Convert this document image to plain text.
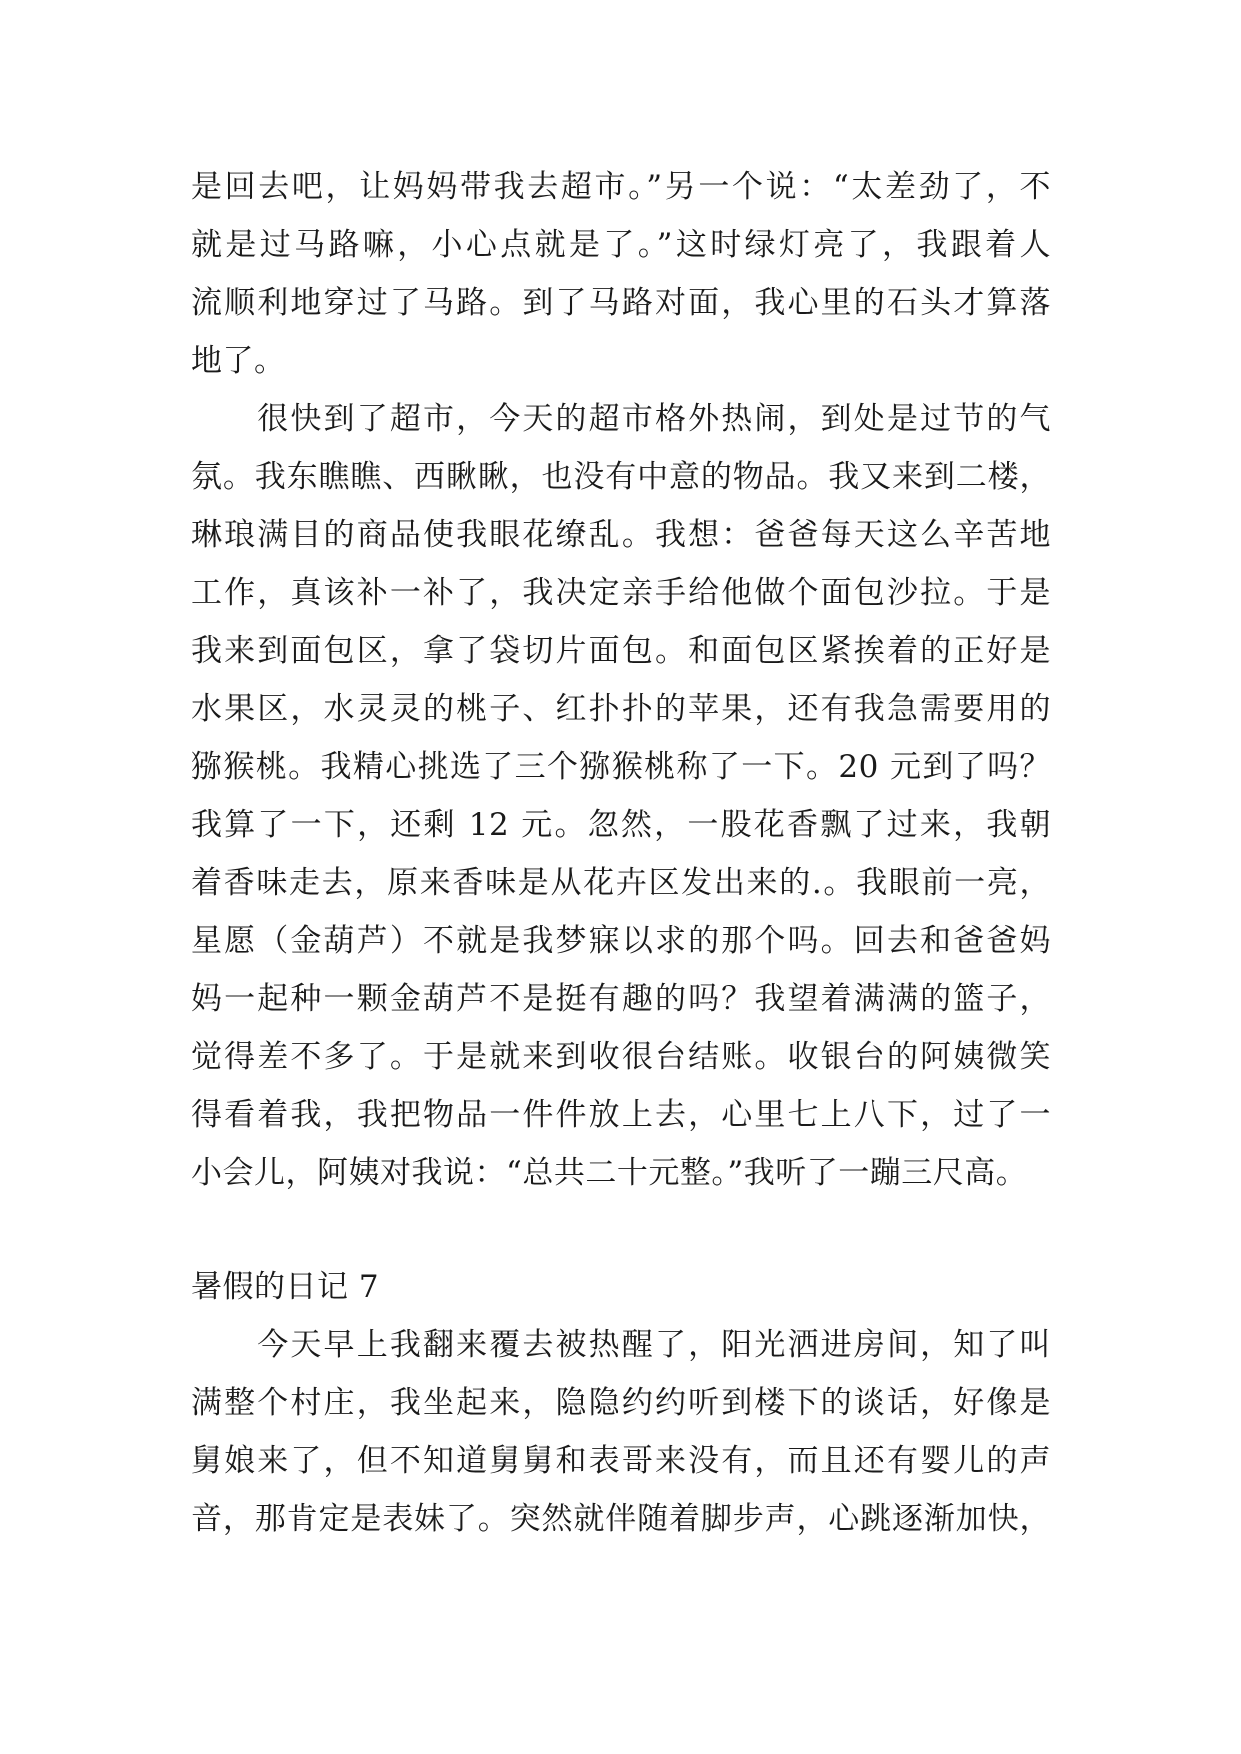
是回去吧，让妈妈带我去超市。”另一个说：“太差劲了，不
就是过马路嘛，小心点就是了。”这时绿灯亮了，我跟着人
流顺利地穿过了马路。到了马路对面，我心里的石头才算落
地了。
　　很快到了超市，今天的超市格外热闹，到处是过节的气
氛。我东瞧瞧、西瞅瞅，也没有中意的物品。我又来到二楼，
琳琅满目的商品使我眼花缭乱。我想：爸爸每天这么辛苦地
工作，真该补一补了，我决定亲手给他做个面包沙拉。于是
我来到面包区，拿了袋切片面包。和面包区紧挨着的正好是
水果区，水灵灵的桃子、红扑扑的苹果，还有我急需要用的
猕猴桃。我精心挑选了三个猕猴桃称了一下。20 元到了吗？
我算了一下，还剩 12 元。忽然，一股花香飘了过来，我朝
着香味走去，原来香味是从花卉区发出来的.。我眼前一亮，
星愿（金葫芦）不就是我梦寐以求的那个吗。回去和爸爸妈
妈一起种一颗金葫芦不是挺有趣的吗？我望着满满的篮子，
觉得差不多了。于是就来到收很台结账。收银台的阿姨微笑
得看着我，我把物品一件件放上去，心里七上八下，过了一
小会儿，阿姨对我说：“总共二十元整。”我听了一蹦三尺高。
暑假的日记 7
　　今天早上我翻来覆去被热醒了，阳光洒进房间，知了叫
满整个村庄，我坐起来，隐隐约约听到楼下的谈话，好像是
舅娘来了，但不知道舅舅和表哥来没有，而且还有婴儿的声
音，那肯定是表妹了。突然就伴随着脚步声，心跳逐渐加快，
